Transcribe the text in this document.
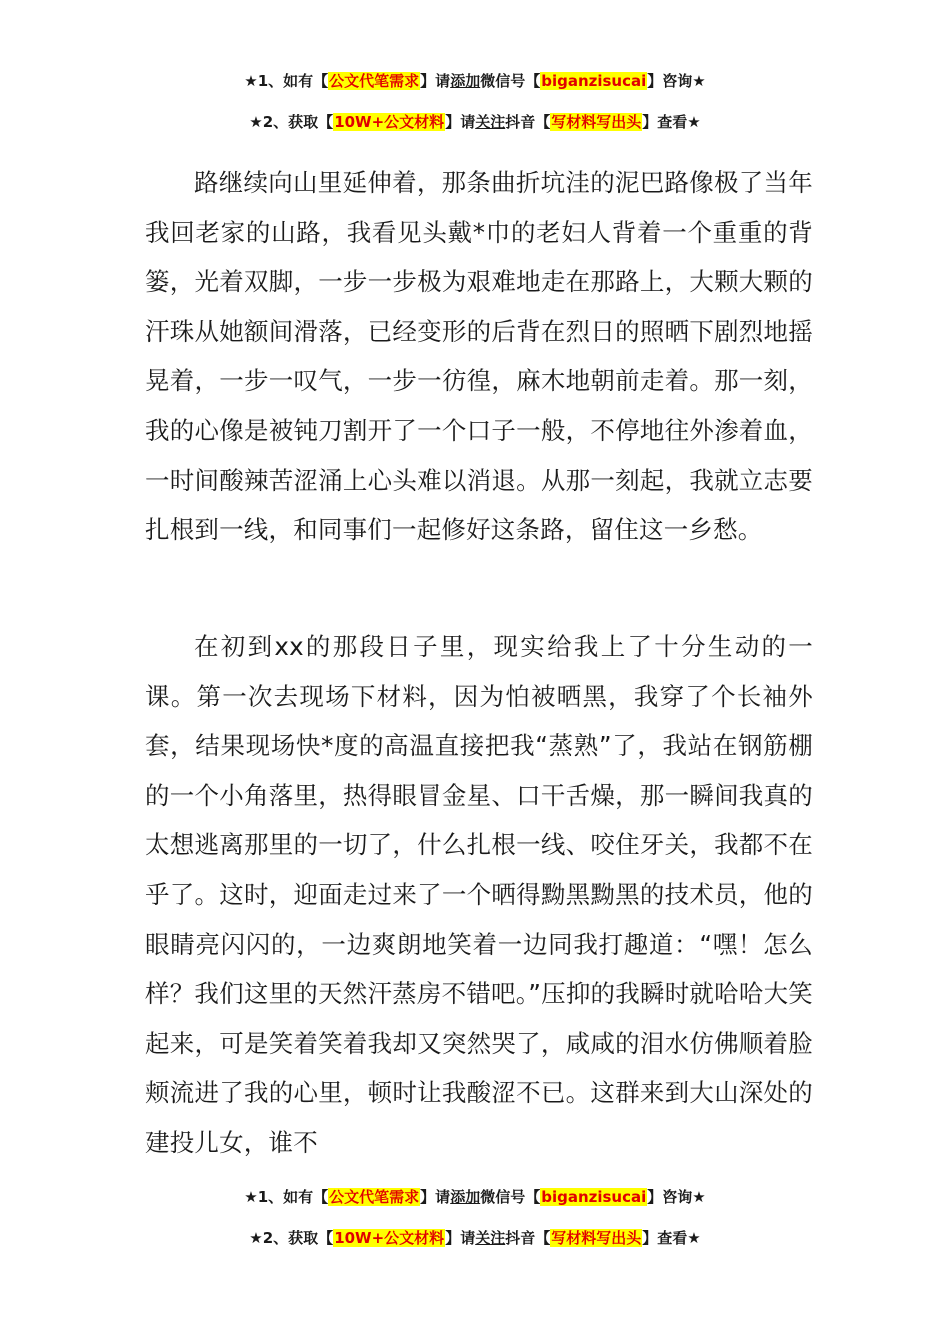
★1、如有【公文代笔需求】请添加微信号【biganzisucai】咨询★
★2、获取【10W+公文材料】请关注抖音【写材料写出头】查看★

路继续向山里延伸着，那条曲折坑洼的泥巴路像极了当年我回老家的山路，我看见头戴*巾的老妇人背着一个重重的背篓，光着双脚，一步一步极为艰难地走在那路上，大颗大颗的汗珠从她额间滑落，已经变形的后背在烈日的照晒下剧烈地摇晃着，一步一叹气，一步一彷徨，麻木地朝前走着。那一刻，我的心像是被钝刀割开了一个口子一般，不停地往外渗着血，一时间酸辣苦涩涌上心头难以消退。从那一刻起，我就立志要扎根到一线，和同事们一起修好这条路，留住这一乡愁。

在初到xx的那段日子里，现实给我上了十分生动的一课。第一次去现场下材料，因为怕被晒黑，我穿了个长袖外套，结果现场快*度的高温直接把我“蒸熟”了，我站在钢筋棚的一个小角落里，热得眼冒金星、口干舌燥，那一瞬间我真的太想逃离那里的一切了，什么扎根一线、咬住牙关，我都不在乎了。这时，迎面走过来了一个晒得黝黑黝黑的技术员，他的眼睛亮闪闪的，一边爽朗地笑着一边同我打趣道：“嘿！怎么样？我们这里的天然汗蒸房不错吧。”压抑的我瞬时就哈哈大笑起来，可是笑着笑着我却又突然哭了，咸咸的泪水仿佛顺着脸颊流进了我的心里，顿时让我酸涩不已。这群来到大山深处的建投儿女，谁不

★1、如有【公文代笔需求】请添加微信号【biganzisucai】咨询★
★2、获取【10W+公文材料】请关注抖音【写材料写出头】查看★
